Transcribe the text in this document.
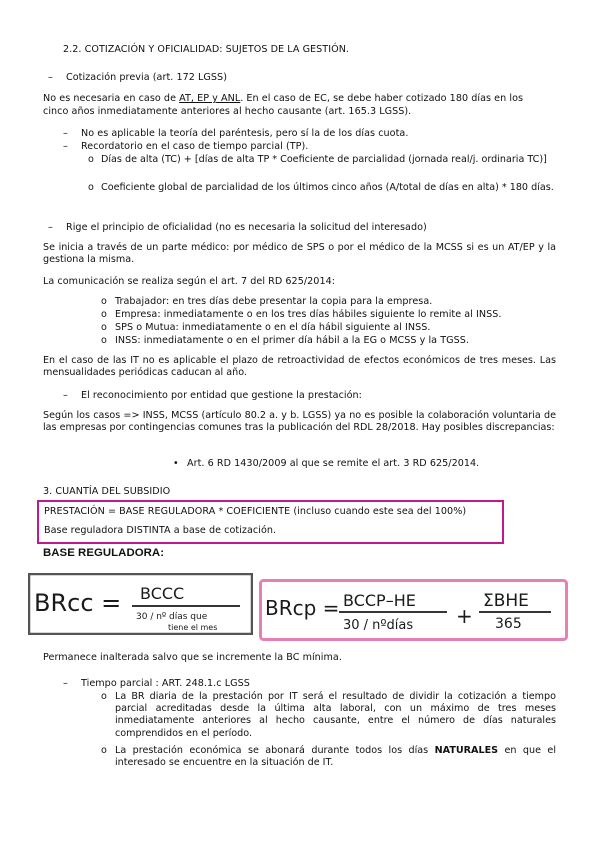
2.2. COTIZACIÓN Y OFICIALIDAD: SUJETOS DE LA GESTIÓN.
– Cotización previa (art. 172 LGSS)
No es necesaria en caso de AT, EP y ANL. En el caso de EC, se debe haber cotizado 180 días en los
cinco años inmediatamente anteriores al hecho causante (art. 165.3 LGSS).
– No es aplicable la teoría del paréntesis, pero sí la de los días cuota.
– Recordatorio en el caso de tiempo parcial (TP).
o Días de alta (TC) + [días de alta TP * Coeficiente de parcialidad (jornada real/j. ordinaria TC)]
o Coeficiente global de parcialidad de los últimos cinco años (A/total de días en alta) * 180 días.
– Rige el principio de oficialidad (no es necesaria la solicitud del interesado)
Se inicia a través de un parte médico: por médico de SPS o por el médico de la MCSS si es un AT/EP y la gestiona la misma.
La comunicación se realiza según el art. 7 del RD 625/2014:
o Trabajador: en tres días debe presentar la copia para la empresa.
o Empresa: inmediatamente o en los tres días hábiles siguiente lo remite al INSS.
o SPS o Mutua: inmediatamente o en el día hábil siguiente al INSS.
o INSS: inmediatamente o en el primer día hábil a la EG o MCSS y la TGSS.
En el caso de las IT no es aplicable el plazo de retroactividad de efectos económicos de tres meses. Las mensualidades periódicas caducan al año.
– El reconocimiento por entidad que gestione la prestación:
Según los casos => INSS, MCSS (artículo 80.2 a. y b. LGSS) ya no es posible la colaboración voluntaria de las empresas por contingencias comunes tras la publicación del RDL 28/2018. Hay posibles discrepancias:
• Art. 6 RD 1430/2009 al que se remite el art. 3 RD 625/2014.
3. CUANTÍA DEL SUBSIDIO
PRESTACIÓN = BASE REGULADORA * COEFICIENTE (incluso cuando este sea del 100%)
Base reguladora DISTINTA a base de cotización.
BASE REGULADORA:
BRcc = BCCC
30 / nº días que
tiene el mes
BRcp = BCCP–HE
30 / nºdías +
ΣBHE
365
Permanece inalterada salvo que se incremente la BC mínima.
– Tiempo parcial : ART. 248.1.c LGSS
o La BR diaria de la prestación por IT será el resultado de dividir la cotización a tiempo parcial acreditadas desde la última alta laboral, con un máximo de tres meses inmediatamente anteriores al hecho causante, entre el número de días naturales comprendidos en el período.
o La prestación económica se abonará durante todos los días NATURALES en que el interesado se encuentre en la situación de IT.
